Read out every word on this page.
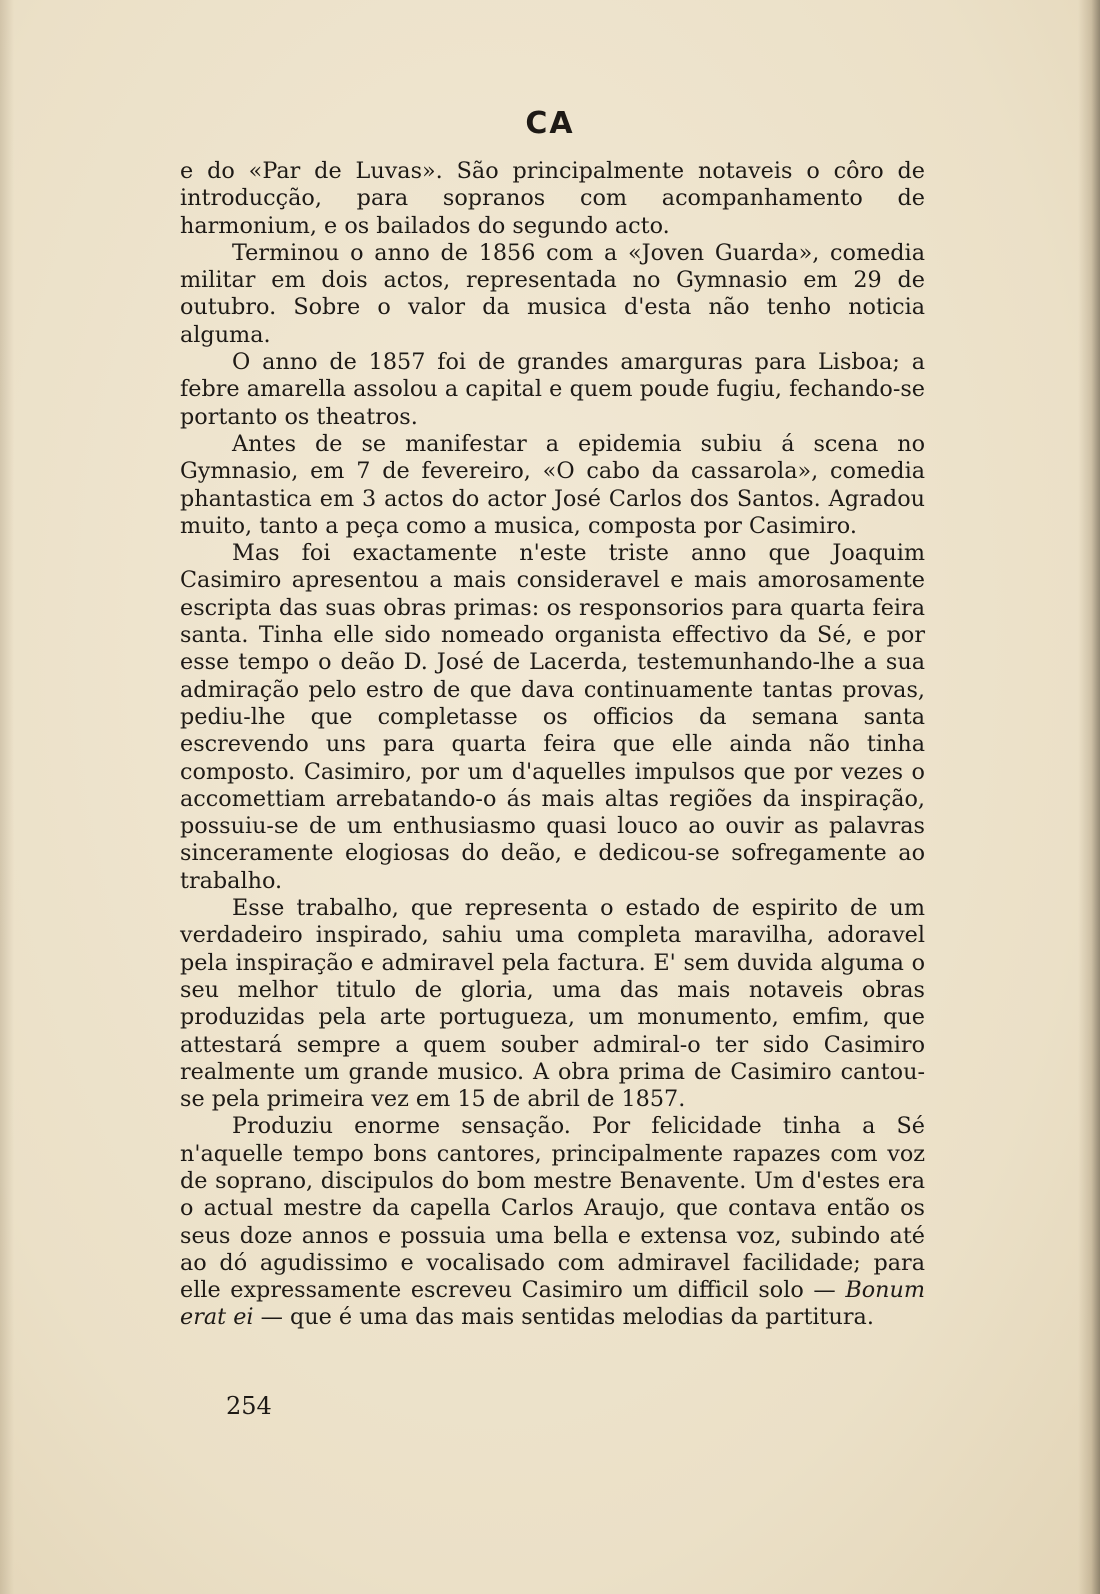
CA

e do «Par de Luvas». São principalmente notaveis o côro de introducção, para sopranos com acompanhamento de harmonium, e os bailados do segundo acto.

Terminou o anno de 1856 com a «Joven Guarda», comedia militar em dois actos, representada no Gymnasio em 29 de outubro. Sobre o valor da musica d'esta não tenho noticia alguma.

O anno de 1857 foi de grandes amarguras para Lisboa; a febre amarella assolou a capital e quem poude fugiu, fechando-se portanto os theatros.

Antes de se manifestar a epidemia subiu á scena no Gymnasio, em 7 de fevereiro, «O cabo da cassarola», comedia phantastica em 3 actos do actor José Carlos dos Santos. Agradou muito, tanto a peça como a musica, composta por Casimiro.

Mas foi exactamente n'este triste anno que Joaquim Casimiro apresentou a mais consideravel e mais amorosamente escripta das suas obras primas: os responsorios para quarta feira santa. Tinha elle sido nomeado organista effectivo da Sé, e por esse tempo o deão D. José de Lacerda, testemunhando-lhe a sua admiração pelo estro de que dava continuamente tantas provas, pediu-lhe que completasse os officios da semana santa escrevendo uns para quarta feira que elle ainda não tinha composto. Casimiro, por um d'aquelles impulsos que por vezes o accomettiam arrebatando-o ás mais altas regiões da inspiração, possuiu-se de um enthusiasmo quasi louco ao ouvir as palavras sinceramente elogiosas do deão, e dedicou-se sofregamente ao trabalho.

Esse trabalho, que representa o estado de espirito de um verdadeiro inspirado, sahiu uma completa maravilha, adoravel pela inspiração e admiravel pela factura. E' sem duvida alguma o seu melhor titulo de gloria, uma das mais notaveis obras produzidas pela arte portugueza, um monumento, emfim, que attestará sempre a quem souber admiral-o ter sido Casimiro realmente um grande musico. A obra prima de Casimiro cantou-se pela primeira vez em 15 de abril de 1857.

Produziu enorme sensação. Por felicidade tinha a Sé n'aquelle tempo bons cantores, principalmente rapazes com voz de soprano, discipulos do bom mestre Benavente. Um d'estes era o actual mestre da capella Carlos Araujo, que contava então os seus doze annos e possuia uma bella e extensa voz, subindo até ao dó agudissimo e vocalisado com admiravel facilidade; para elle expressamente escreveu Casimiro um difficil solo — Bonum erat ei — que é uma das mais sentidas melodias da partitura.

254
